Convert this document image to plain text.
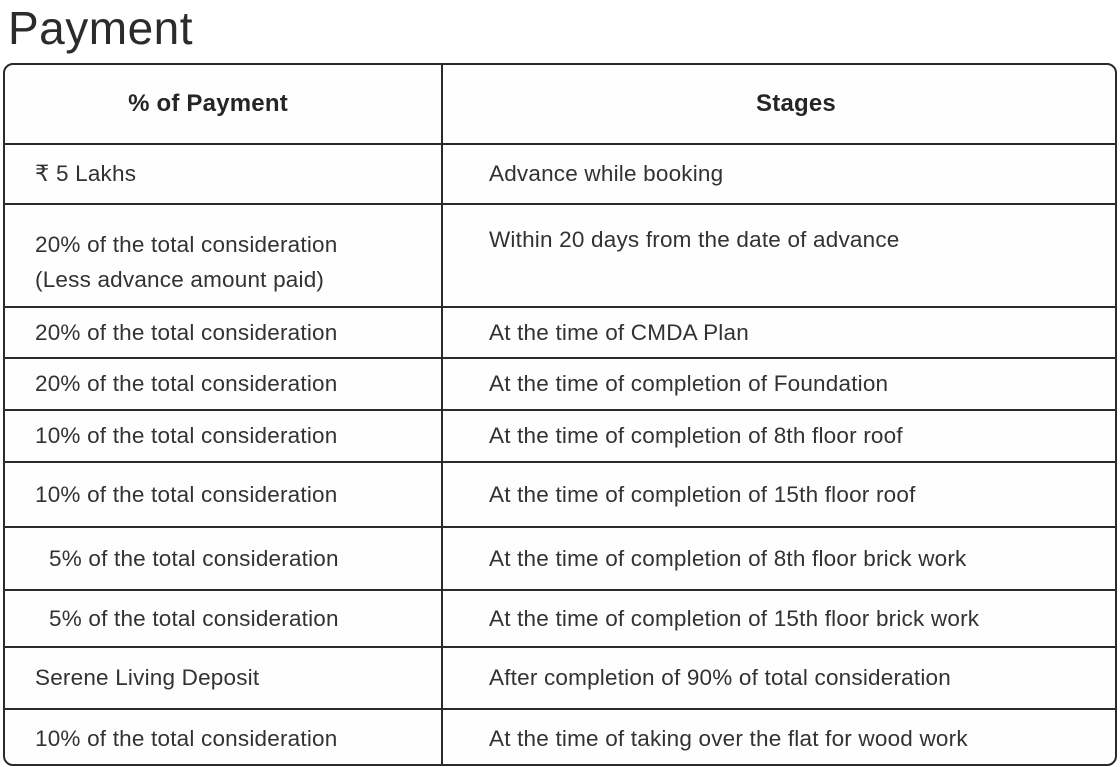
Payment
% of Payment	Stages
₹ 5 Lakhs	Advance while booking

20% of the total consideration
(Less advance amount paid)	Within 20 days from the date of advance
20% of the total consideration	At the time of CMDA Plan
20% of the total consideration	At the time of completion of Foundation
10% of the total consideration	At the time of completion of 8th floor roof
10% of the total consideration	At the time of completion of 15th floor roof
5% of the total consideration	At the time of completion of 8th floor brick work
5% of the total consideration	At the time of completion of 15th floor brick work
Serene Living Deposit	After completion of 90% of total consideration
10% of the total consideration	At the time of taking over the flat for wood work
